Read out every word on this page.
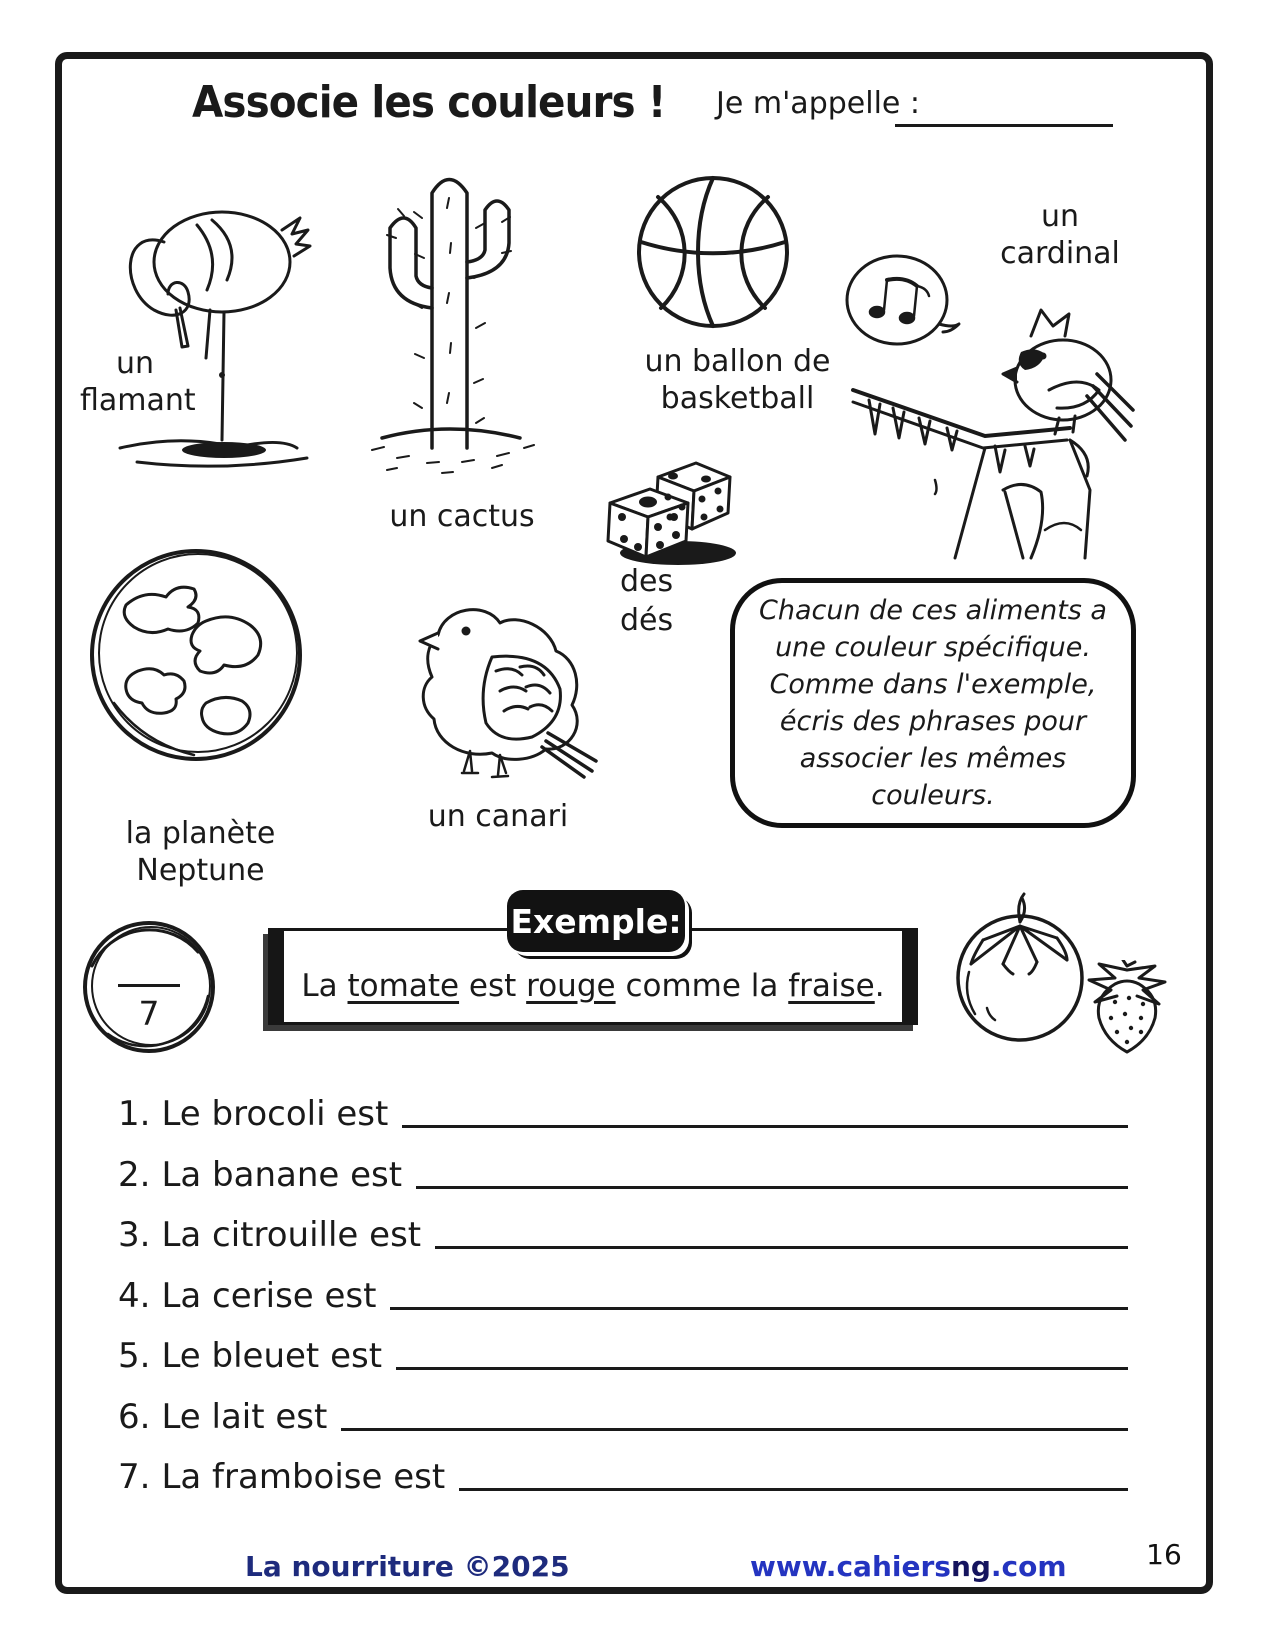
Associe les couleurs ! Je m'appelle :
un
flamant
un cactus
un ballon de
basketball
un
cardinal
des
dés	Chacun de ces aliments a une couleur spécifique. Comme dans l'exemple, écris des phrases pour associer les mêmes couleurs.
la planète
Neptune
un canari
7
La tomate est rouge comme la fraise.
Exemple:
1. Le brocoli est
2. La banane est
3. La citrouille est
4. La cerise est
5. Le bleuet est
6. Le lait est
7. La framboise est
La nourriture ©2025	www.cahiersng.com	16
